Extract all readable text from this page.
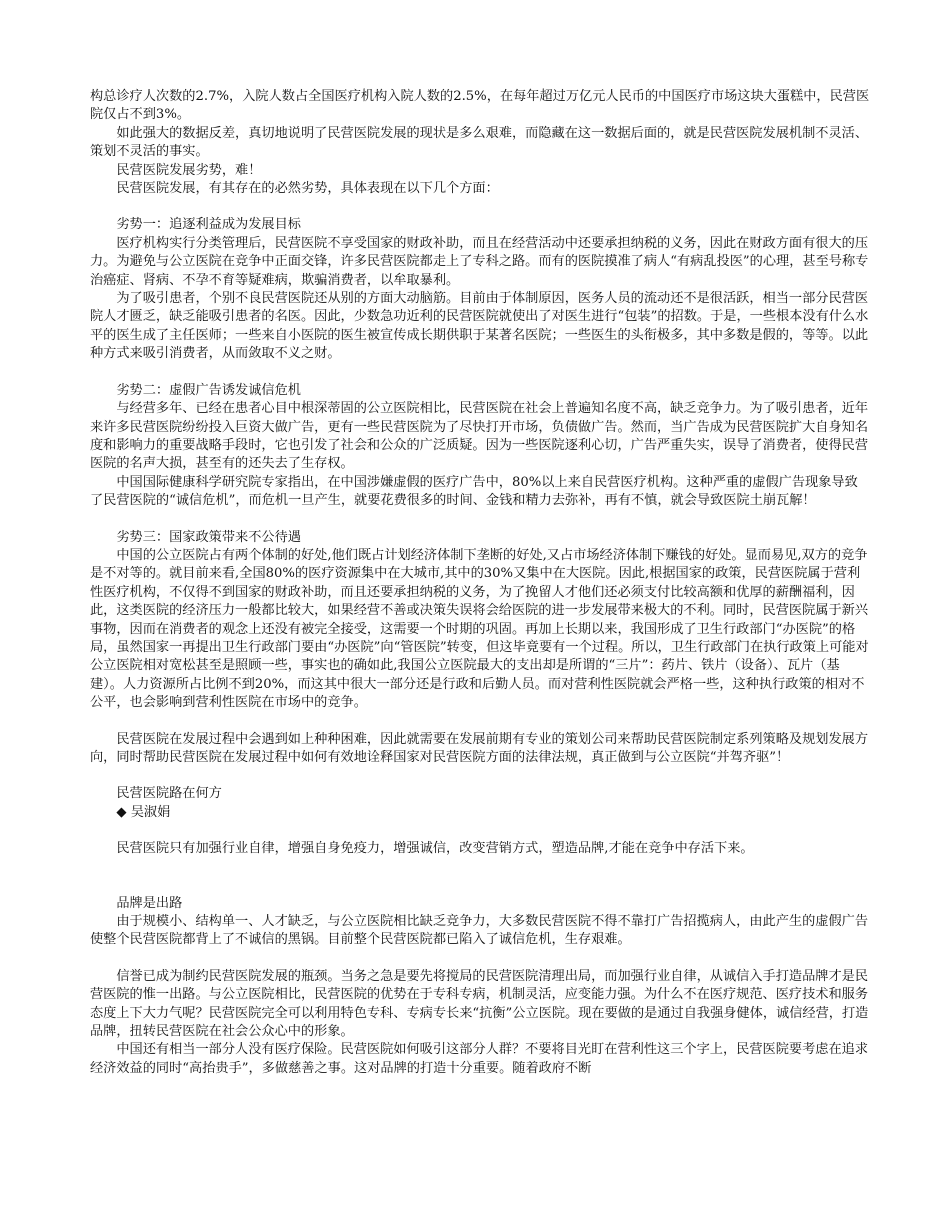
构总诊疗人次数的2.7%，入院人数占全国医疗机构入院人数的2.5%，在每年超过万亿元人民币的中国医疗市场这块大蛋糕中，民营医院仅占不到3%。

　　如此强大的数据反差，真切地说明了民营医院发展的现状是多么艰难，而隐藏在这一数据后面的，就是民营医院发展机制不灵活、策划不灵活的事实。

　　民营医院发展劣势，难！

　　民营医院发展，有其存在的必然劣势，具体表现在以下几个方面：

　　劣势一：追逐利益成为发展目标

　　医疗机构实行分类管理后，民营医院不享受国家的财政补助，而且在经营活动中还要承担纳税的义务，因此在财政方面有很大的压力。为避免与公立医院在竞争中正面交锋，许多民营医院都走上了专科之路。而有的医院摸准了病人“有病乱投医”的心理，甚至号称专治癌症、肾病、不孕不育等疑难病，欺骗消费者，以牟取暴利。

　　为了吸引患者，个别不良民营医院还从别的方面大动脑筋。目前由于体制原因，医务人员的流动还不是很活跃，相当一部分民营医院人才匮乏，缺乏能吸引患者的名医。因此，少数急功近利的民营医院就使出了对医生进行“包装”的招数。于是，一些根本没有什么水平的医生成了主任医师；一些来自小医院的医生被宣传成长期供职于某著名医院；一些医生的头衔极多，其中多数是假的，等等。以此种方式来吸引消费者，从而敛取不义之财。

　　劣势二：虚假广告诱发诚信危机

　　与经营多年、已经在患者心目中根深蒂固的公立医院相比，民营医院在社会上普遍知名度不高，缺乏竞争力。为了吸引患者，近年来许多民营医院纷纷投入巨资大做广告，更有一些民营医院为了尽快打开市场，负债做广告。然而，当广告成为民营医院扩大自身知名度和影响力的重要战略手段时，它也引发了社会和公众的广泛质疑。因为一些医院逐利心切，广告严重失实，误导了消费者，使得民营医院的名声大损，甚至有的还失去了生存权。

　　中国国际健康科学研究院专家指出，在中国涉嫌虚假的医疗广告中，80%以上来自民营医疗机构。这种严重的虚假广告现象导致了民营医院的“诚信危机”，而危机一旦产生，就要花费很多的时间、金钱和精力去弥补，再有不慎，就会导致医院土崩瓦解！

　　劣势三：国家政策带来不公待遇

　　中国的公立医院占有两个体制的好处,他们既占计划经济体制下垄断的好处,又占市场经济体制下赚钱的好处。显而易见,双方的竞争是不对等的。就目前来看,全国80%的医疗资源集中在大城市,其中的30%又集中在大医院。因此,根据国家的政策，民营医院属于营利性医疗机构，不仅得不到国家的财政补助，而且还要承担纳税的义务，为了挽留人才他们还必须支付比较高额和优厚的薪酬福利，因此，这类医院的经济压力一般都比较大，如果经营不善或决策失误将会给医院的进一步发展带来极大的不利。同时，民营医院属于新兴事物，因而在消费者的观念上还没有被完全接受，这需要一个时期的巩固。再加上长期以来，我国形成了卫生行政部门“办医院”的格局，虽然国家一再提出卫生行政部门要由“办医院”向“管医院”转变，但这毕竟要有一个过程。所以，卫生行政部门在执行政策上可能对公立医院相对宽松甚至是照顾一些，事实也的确如此,我国公立医院最大的支出却是所谓的“三片”：药片、铁片（设备）、瓦片（基建）。人力资源所占比例不到20%，而这其中很大一部分还是行政和后勤人员。而对营利性医院就会严格一些，这种执行政策的相对不公平，也会影响到营利性医院在市场中的竞争。

　　民营医院在发展过程中会遇到如上种种困难，因此就需要在发展前期有专业的策划公司来帮助民营医院制定系列策略及规划发展方向，同时帮助民营医院在发展过程中如何有效地诠释国家对民营医院方面的法律法规，真正做到与公立医院“并驾齐驱”！

　　民营医院路在何方

　　◆ 吴淑娟

　　民营医院只有加强行业自律，增强自身免疫力，增强诚信，改变营销方式，塑造品牌,才能在竞争中存活下来。

　　品牌是出路

　　由于规模小、结构单一、人才缺乏，与公立医院相比缺乏竞争力，大多数民营医院不得不靠打广告招揽病人，由此产生的虚假广告使整个民营医院都背上了不诚信的黑锅。目前整个民营医院都已陷入了诚信危机，生存艰难。

　　信誉已成为制约民营医院发展的瓶颈。当务之急是要先将搅局的民营医院清理出局，而加强行业自律，从诚信入手打造品牌才是民营医院的惟一出路。与公立医院相比，民营医院的优势在于专科专病，机制灵活，应变能力强。为什么不在医疗规范、医疗技术和服务态度上下大力气呢？民营医院完全可以利用特色专科、专病专长来“抗衡”公立医院。现在要做的是通过自我强身健体，诚信经营，打造品牌，扭转民营医院在社会公众心中的形象。

　　中国还有相当一部分人没有医疗保险。民营医院如何吸引这部分人群？不要将目光盯在营利性这三个字上，民营医院要考虑在追求经济效益的同时“高抬贵手”，多做慈善之事。这对品牌的打造十分重要。随着政府不断
